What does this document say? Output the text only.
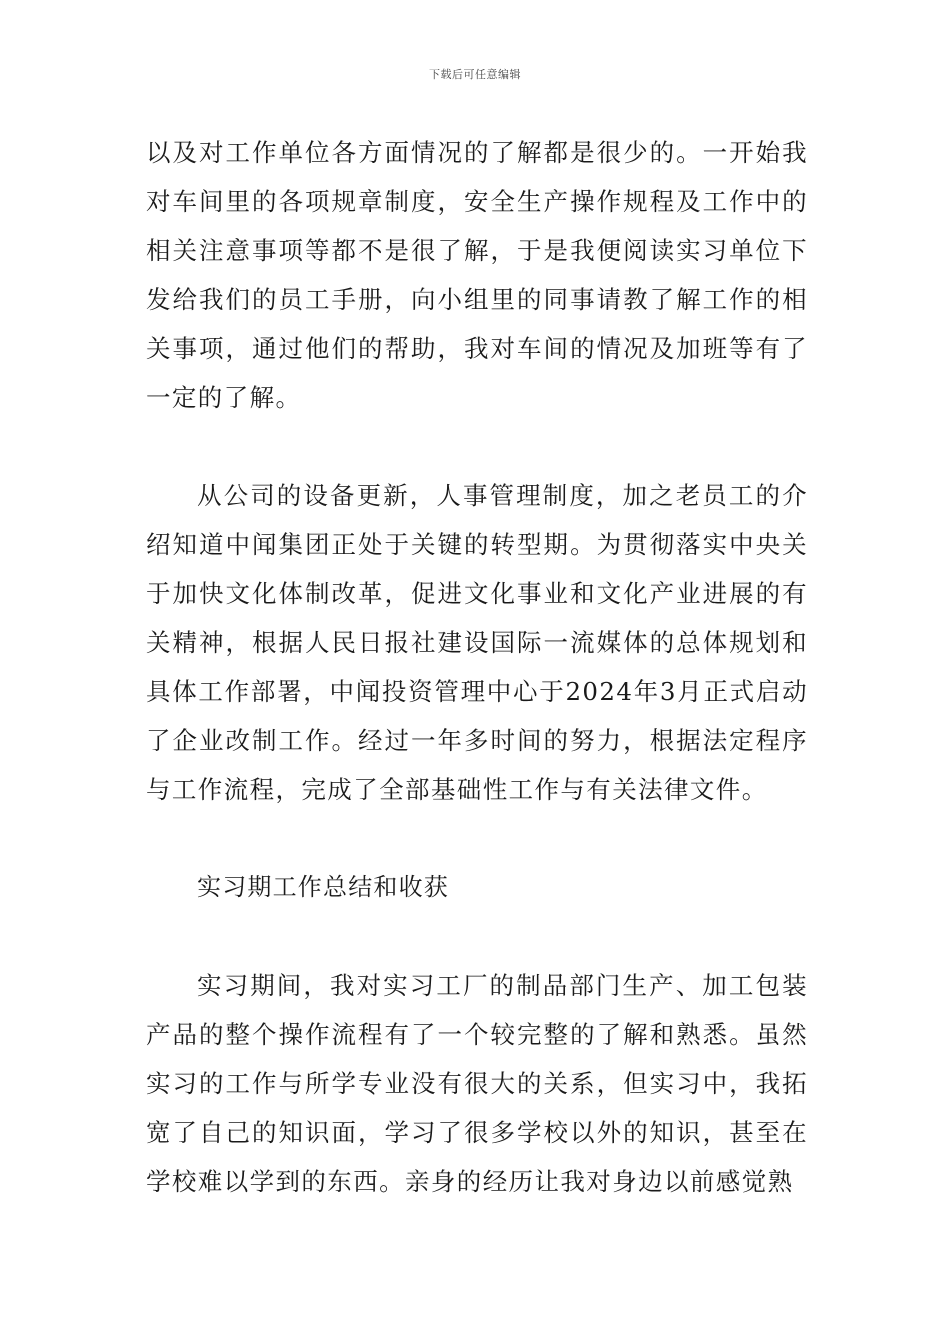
下载后可任意编辑

以及对工作单位各方面情况的了解都是很少的。一开始我对车间里的各项规章制度，安全生产操作规程及工作中的相关注意事项等都不是很了解，于是我便阅读实习单位下发给我们的员工手册，向小组里的同事请教了解工作的相关事项，通过他们的帮助，我对车间的情况及加班等有了一定的了解。

从公司的设备更新，人事管理制度，加之老员工的介绍知道中闻集团正处于关键的转型期。为贯彻落实中央关于加快文化体制改革，促进文化事业和文化产业进展的有关精神，根据人民日报社建设国际一流媒体的总体规划和具体工作部署，中闻投资管理中心于2024年3月正式启动了企业改制工作。经过一年多时间的努力，根据法定程序与工作流程，完成了全部基础性工作与有关法律文件。

实习期工作总结和收获

实习期间，我对实习工厂的制品部门生产、加工包装产品的整个操作流程有了一个较完整的了解和熟悉。虽然实习的工作与所学专业没有很大的关系，但实习中，我拓宽了自己的知识面，学习了很多学校以外的知识，甚至在学校难以学到的东西。亲身的经历让我对身边以前感觉熟
